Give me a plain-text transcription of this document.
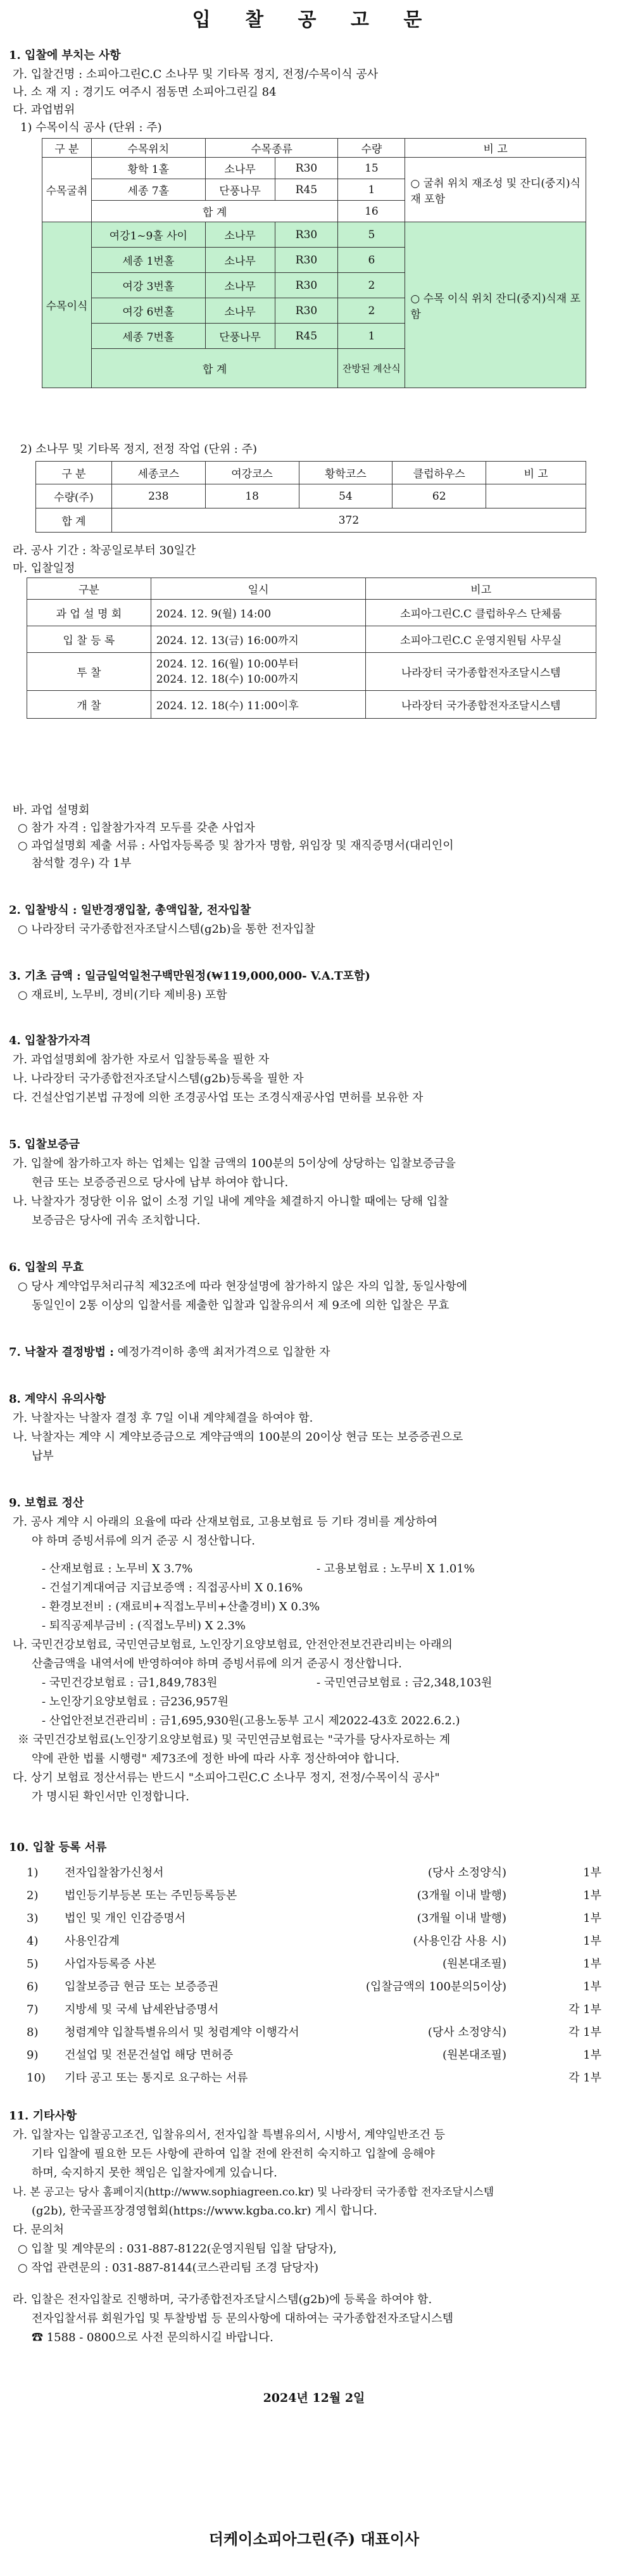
입 찰 공 고 문
1. 입찰에 부치는 사항
가. 입찰건명 : 소피아그린C.C 소나무 및 기타목 정지, 전정/수목이식 공사
나. 소 재 지 : 경기도 여주시 점동면 소피아그린길 84
다. 과업범위
1) 수목이식 공사 (단위 : 주)
구 분	수목위치	수목종류		수량	비 고
수목굴취	황학 1홀	소나무	R30	15	○ 굴취 위치 재조성 및 잔디(중지)식재 포함
	세종 7홀	단풍나무	R45	1	
	합 계			16	
수목이식	여강1~9홀 사이	소나무	R30	5	○ 수목 이식 위치 잔디(중지)식재 포함
	세종 1번홀	소나무	R30	6	
	여강 3번홀	소나무	R30	2	
	여강 6번홀	소나무	R30	2	
	세종 7번홀	단풍나무	R45	1	
	합 계			잔방된 계산식	
2) 소나무 및 기타목 정지, 전정 작업 (단위 : 주)
구 분	세종코스	여강코스	황학코스	클럽하우스	비 고
수량(주)	238	18	54	62	
합 계	372				
라. 공사 기간 : 착공일로부터 30일간
마. 입찰일정
구분	일시	비고
과 업 설 명 회	2024. 12. 9(월) 14:00	소피아그린C.C 클럽하우스 단체룸
입 찰 등 록	2024. 12. 13(금) 16:00까지	소피아그린C.C 운영지원팀 사무실
투 찰	2024. 12. 16(월) 10:00부터
2024. 12. 18(수) 10:00까지	나라장터 국가종합전자조달시스템
개 찰	2024. 12. 18(수) 11:00이후	나라장터 국가종합전자조달시스템
바. 과업 설명회
○ 참가 자격 : 입찰참가자격 모두를 갖춘 사업자
○ 과업설명회 제출 서류 : 사업자등록증 및 참가자 명함, 위임장 및 재직증명서(대리인이
참석할 경우) 각 1부
2. 입찰방식 : 일반경쟁입찰, 총액입찰, 전자입찰
○ 나라장터 국가종합전자조달시스템(g2b)을 통한 전자입찰
3. 기초 금액 : 일금일억일천구백만원정(₩119,000,000- V.A.T포함)
○ 재료비, 노무비, 경비(기타 제비용) 포함
4. 입찰참가자격
가. 과업설명회에 참가한 자로서 입찰등록을 필한 자
나. 나라장터 국가종합전자조달시스템(g2b)등록을 필한 자
다. 건설산업기본법 규정에 의한 조경공사업 또는 조경식재공사업 면허를 보유한 자
5. 입찰보증금
가. 입찰에 참가하고자 하는 업체는 입찰 금액의 100분의 5이상에 상당하는 입찰보증금을
현금 또는 보증증권으로 당사에 납부 하여야 합니다.
나. 낙찰자가 정당한 이유 없이 소정 기일 내에 계약을 체결하지 아니할 때에는 당해 입찰
보증금은 당사에 귀속 조치합니다.
6. 입찰의 무효
○ 당사 계약업무처리규칙 제32조에 따라 현장설명에 참가하지 않은 자의 입찰, 동일사항에
동일인이 2통 이상의 입찰서를 제출한 입찰과 입찰유의서 제 9조에 의한 입찰은 무효
7. 낙찰자 결정방법 : 예정가격이하 총액 최저가격으로 입찰한 자
8. 계약시 유의사항
가. 낙찰자는 낙찰자 결정 후 7일 이내 계약체결을 하여야 함.
나. 낙찰자는 계약 시 계약보증금으로 계약금액의 100분의 20이상 현금 또는 보증증권으로
납부
9. 보험료 정산
가. 공사 계약 시 아래의 요율에 따라 산재보험료, 고용보험료 등 기타 경비를 계상하여
야 하며 증빙서류에 의거 준공 시 정산합니다.
- 산재보험료 : 노무비 X 3.7%	- 고용보험료 : 노무비 X 1.01%
- 건설기계대여금 지급보증액 : 직접공사비 X 0.16%
- 환경보전비 : (재료비+직접노무비+산출경비) X 0.3%
- 퇴직공제부금비 : (직접노무비) X 2.3%
나. 국민건강보험료, 국민연금보험료, 노인장기요양보험료, 안전안전보건관리비는 아래의
산출금액을 내역서에 반영하여야 하며 증빙서류에 의거 준공시 정산합니다.
- 국민건강보험료 : 금1,849,783원	- 국민연금보험료 : 금2,348,103원
- 노인장기요양보험료 : 금236,957원
- 산업안전보건관리비 : 금1,695,930원(고용노동부 고시 제2022-43호 2022.6.2.)
※ 국민건강보험료(노인장기요양보험료) 및 국민연금보험료는 "국가를 당사자로하는 계
약에 관한 법률 시행령" 제73조에 정한 바에 따라 사후 정산하여야 합니다.
다. 상기 보험료 정산서류는 반드시 "소피아그린C.C 소나무 정지, 전정/수목이식 공사"
가 명시된 확인서만 인정합니다.
10. 입찰 등록 서류
1) 전자입찰참가신청서	(당사 소정양식)	1부
2) 법인등기부등본 또는 주민등록등본	(3개월 이내 발행)	1부
3) 법인 및 개인 인감증명서	(3개월 이내 발행)	1부
4) 사용인감계	(사용인감 사용 시)	1부
5) 사업자등록증 사본	(원본대조필)	1부
6) 입찰보증금 현금 또는 보증증권	(입찰금액의 100분의5이상)	1부
7) 지방세 및 국세 납세완납증명서	각 1부
8) 청렴계약 입찰특별유의서 및 청렴계약 이행각서	(당사 소정양식)	각 1부
9) 건설업 및 전문건설업 해당 면허증	(원본대조필)	1부
10) 기타 공고 또는 통지로 요구하는 서류	각 1부
11. 기타사항
가. 입찰자는 입찰공고조건, 입찰유의서, 전자입찰 특별유의서, 시방서, 계약일반조건 등
기타 입찰에 필요한 모든 사항에 관하여 입찰 전에 완전히 숙지하고 입찰에 응해야
하며, 숙지하지 못한 책임은 입찰자에게 있습니다.
나. 본 공고는 당사 홈페이지(http://www.sophiagreen.co.kr) 및 나라장터 국가종합 전자조달시스템
(g2b), 한국골프장경영협회(https://www.kgba.co.kr) 게시 합니다.
다. 문의처
○ 입찰 및 계약문의 : 031-887-8122(운영지원팀 입찰 담당자),
○ 작업 관련문의 : 031-887-8144(코스관리팀 조경 담당자)
라. 입찰은 전자입찰로 진행하며, 국가종합전자조달시스템(g2b)에 등록을 하여야 함.
전자입찰서류 회원가입 및 투찰방법 등 문의사항에 대하여는 국가종합전자조달시스템
☎ 1588 - 0800으로 사전 문의하시길 바랍니다.
2024년 12월 2일
더케이소피아그린(주) 대표이사
